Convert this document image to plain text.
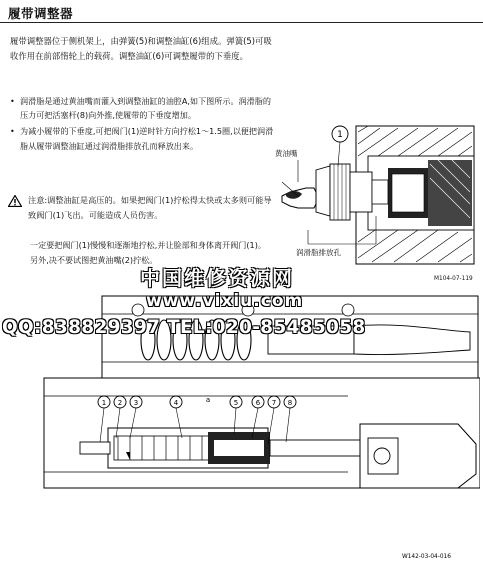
履带调整器
履带调整器位于侧机架上，由弹簧(5)和调整油缸(6)组成。弹簧(5)可吸收作用在前部惰轮上的载荷。调整油缸(6)可调整履带的下垂度。
• 润滑脂是通过黄油嘴而灌入到调整油缸的油腔A,如下图所示。润滑脂的压力可把活塞杆(8)向外推,使履带的下垂度增加。
• 为减小履带的下垂度,可把阀门(1)逆时针方向拧松1～1.5圈,以便把润滑脂从履带调整油缸通过润滑脂排放孔而释放出来。
注意:调整油缸是高压的。如果把阀门(1)拧松得太快或太多则可能导致阀门(1)飞出。可能造成人员伤害。
一定要把阀门(1)慢慢和逐渐地拧松,并让脸部和身体离开阀门(1)。另外,决不要试图把黄油嘴(2)拧松。
1
黄油嘴
润滑脂排放孔
M104-07-119
1 2 3	4	5	6 7 8
a
W142-03-04-016
中国维修资源网
www.vixiu.com
QQ:838829397 TEL:020-85485058
